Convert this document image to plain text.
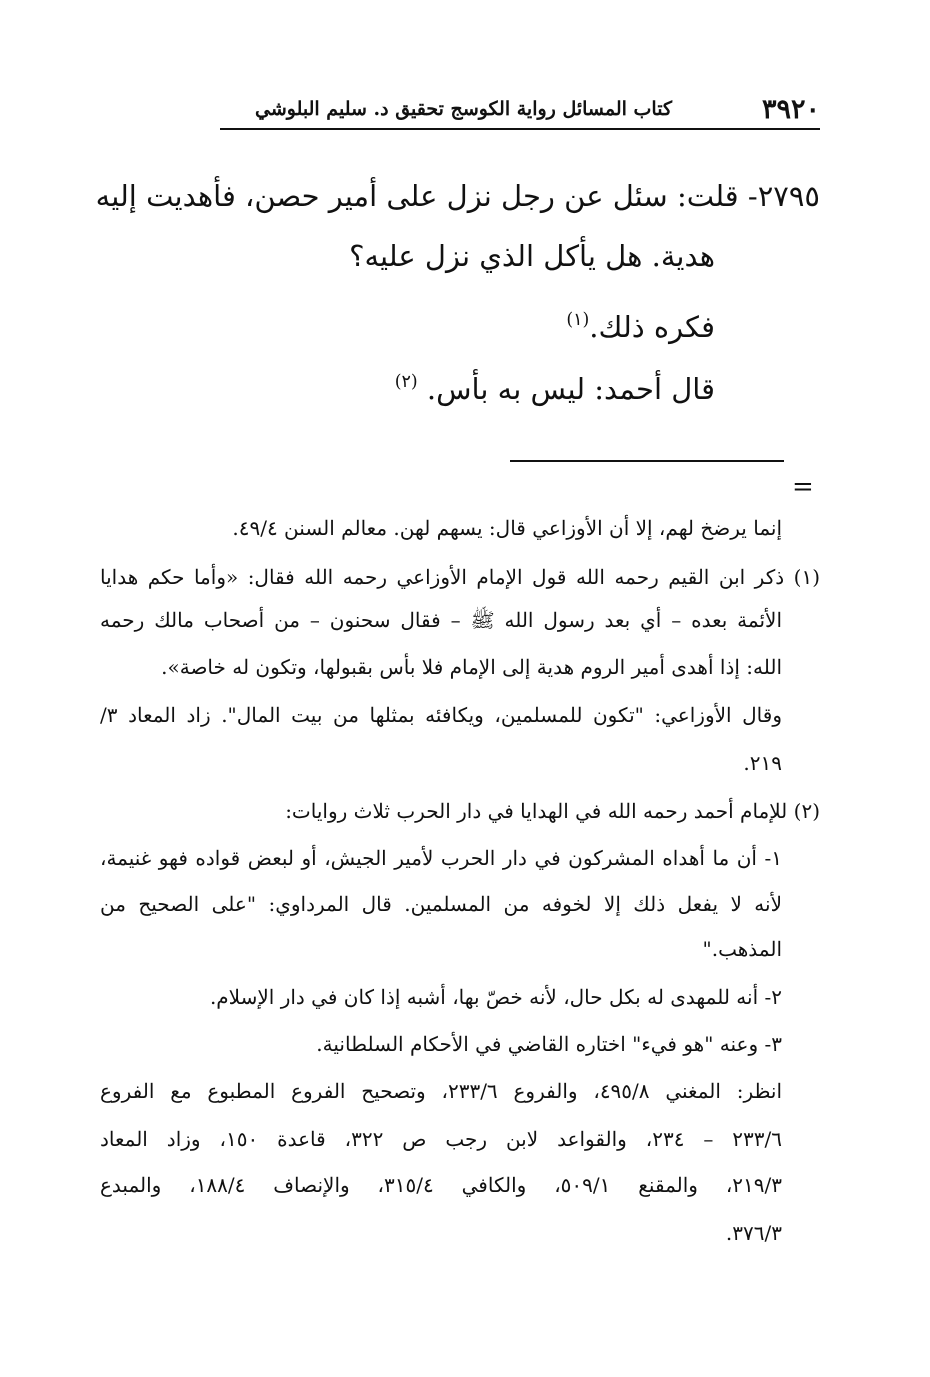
٣٩٢٠
كتاب المسائل رواية الكوسج تحقيق د. سليم البلوشي
٢٧٩٥- قلت: سئل عن رجل نزل على أمير حصن، فأهديت إليه
هدية. هل يأكل الذي نزل عليه؟
فكره ذلك.$^{(١)}$
قال أحمد: ليس به بأس. $^{(٢)}$
=
إنما يرضخ لهم، إلا أن الأوزاعي قال: يسهم لهن. معالم السنن ٤٩/٤.
(١) ذكر ابن القيم رحمه الله قول الإمام الأوزاعي رحمه الله فقال: «وأما حكم هدايا
الأئمة بعده – أي بعد رسول الله ﷺ – فقال سحنون – من أصحاب مالك رحمه
الله: إذا أهدى أمير الروم هدية إلى الإمام فلا بأس بقبولها، وتكون له خاصة».
وقال الأوزاعي: "تكون للمسلمين، ويكافئه بمثلها من بيت المال". زاد المعاد ٣/
٢١٩.
(٢) للإمام أحمد رحمه الله في الهدايا في دار الحرب ثلاث روايات:
١- أن ما أهداه المشركون في دار الحرب لأمير الجيش، أو لبعض قواده فهو غنيمة،
لأنه لا يفعل ذلك إلا لخوفه من المسلمين. قال المرداوي: "على الصحيح من
المذهب."
٢- أنه للمهدى له بكل حال، لأنه خصّ بها، أشبه إذا كان في دار الإسلام.
٣- وعنه "هو فيء" اختاره القاضي في الأحكام السلطانية.
انظر: المغني ٤٩٥/٨، والفروع ٢٣٣/٦، وتصحيح الفروع المطبوع مع الفروع
٢٣٣/٦ – ٢٣٤، والقواعد لابن رجب ص ٣٢٢، قاعدة ١٥٠، وزاد المعاد
٢١٩/٣، والمقنع ٥٠٩/١، والكافي ٣١٥/٤، والإنصاف ١٨٨/٤، والمبدع
٣٧٦/٣.
